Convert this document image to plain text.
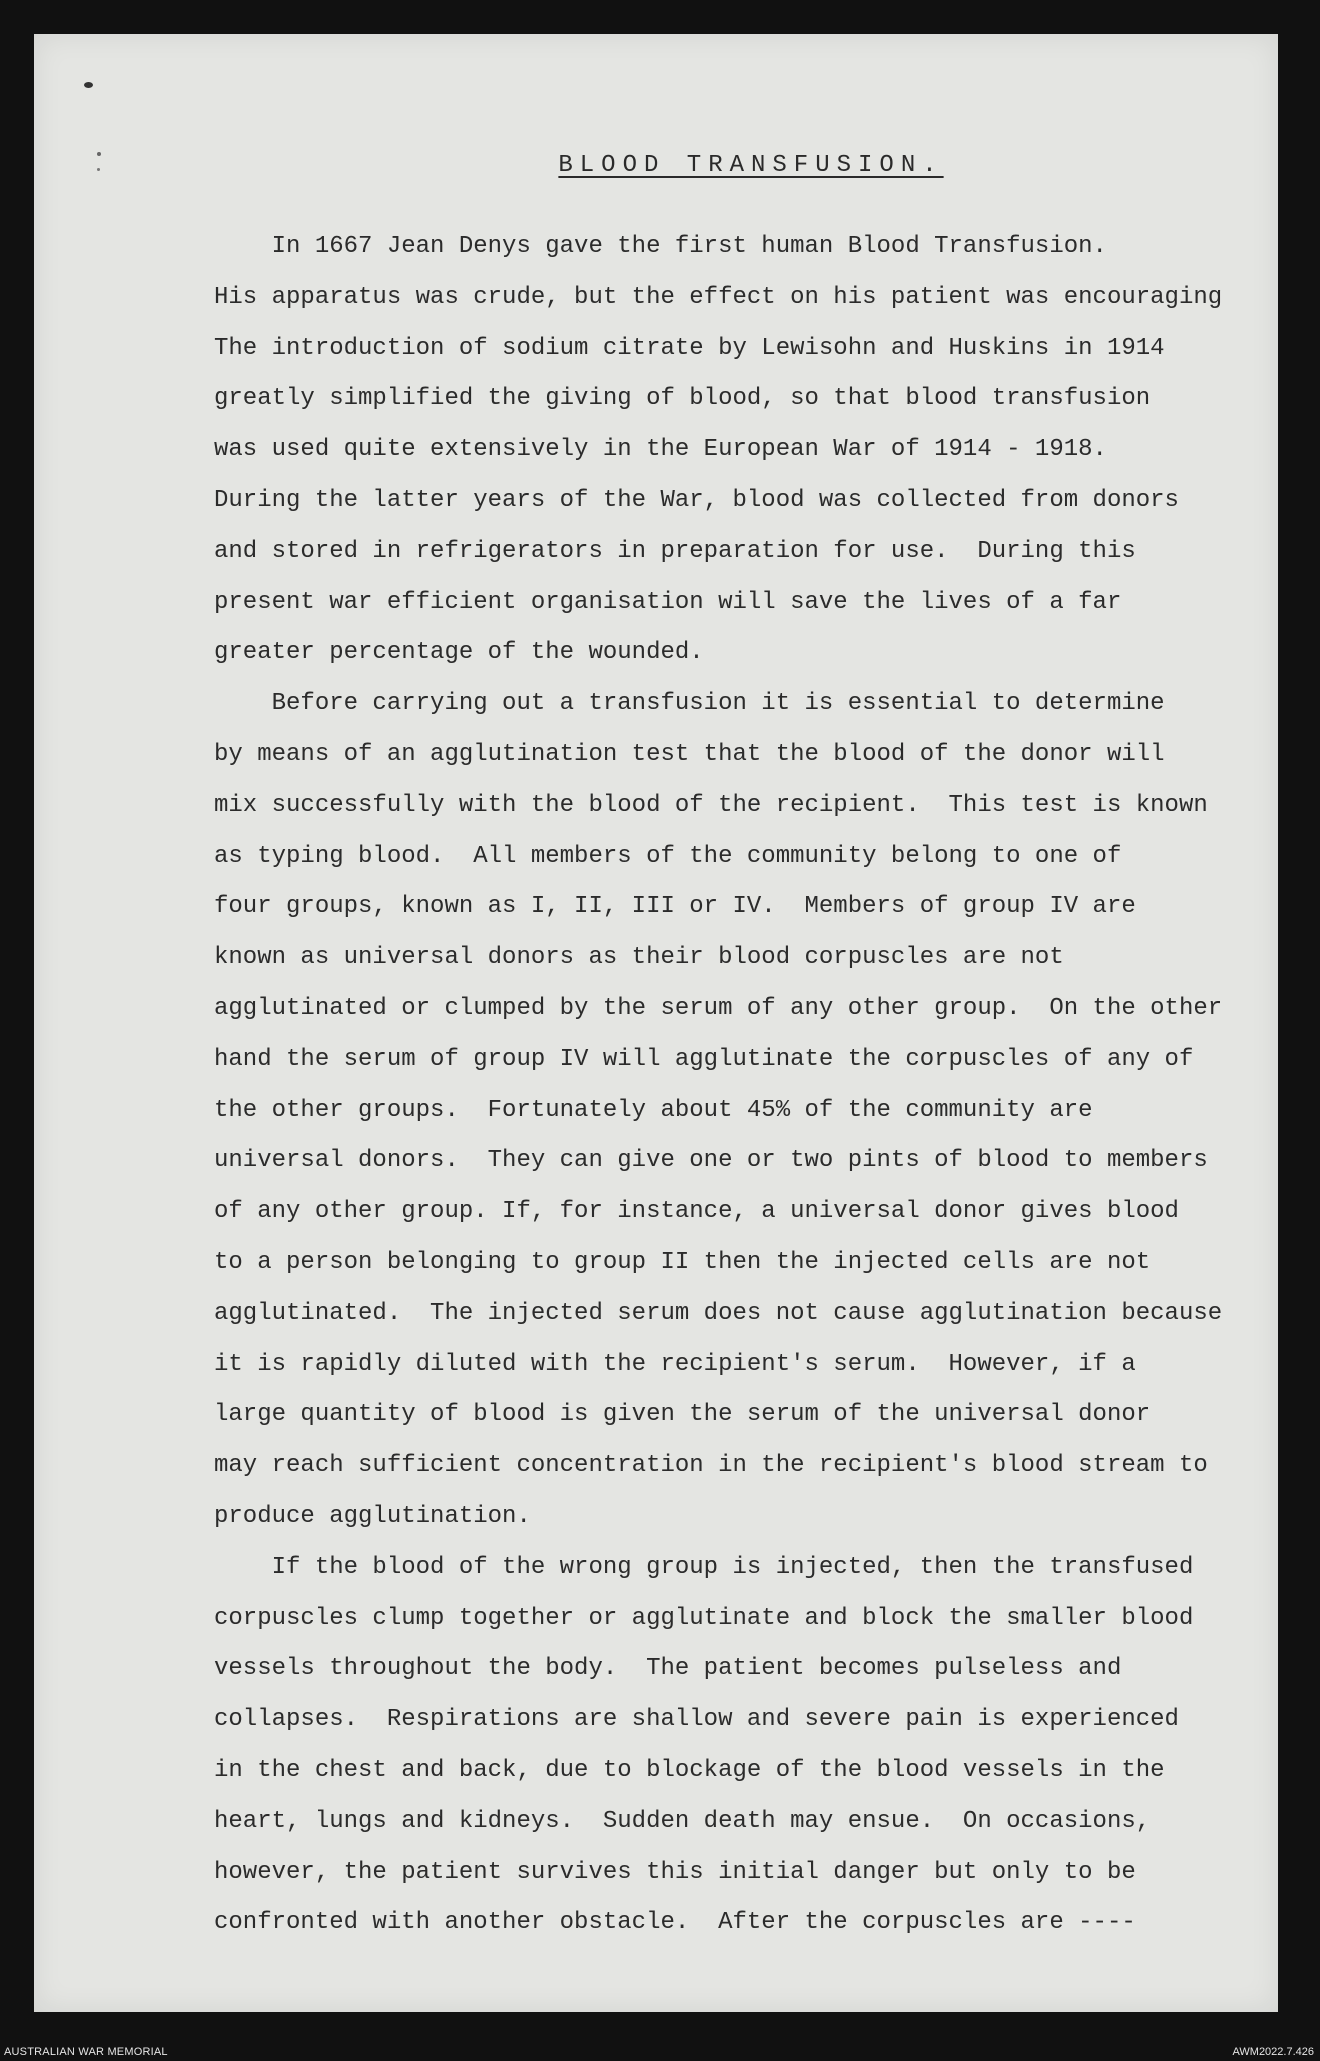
BLOOD TRANSFUSION.
In 1667 Jean Denys gave the first human Blood Transfusion.
His apparatus was crude, but the effect on his patient was encouraging
The introduction of sodium citrate by Lewisohn and Huskins in 1914
greatly simplified the giving of blood, so that blood transfusion
was used quite extensively in the European War of 1914 - 1918.
During the latter years of the War, blood was collected from donors
and stored in refrigerators in preparation for use.  During this
present war efficient organisation will save the lives of a far
greater percentage of the wounded.
Before carrying out a transfusion it is essential to determine
by means of an agglutination test that the blood of the donor will
mix successfully with the blood of the recipient.  This test is known
as typing blood.  All members of the community belong to one of
four groups, known as I, II, III or IV.  Members of group IV are
known as universal donors as their blood corpuscles are not
agglutinated or clumped by the serum of any other group.  On the other
hand the serum of group IV will agglutinate the corpuscles of any of
the other groups.  Fortunately about 45% of the community are
universal donors.  They can give one or two pints of blood to members
of any other group. If, for instance, a universal donor gives blood
to a person belonging to group II then the injected cells are not
agglutinated.  The injected serum does not cause agglutination because
it is rapidly diluted with the recipient's serum.  However, if a
large quantity of blood is given the serum of the universal donor
may reach sufficient concentration in the recipient's blood stream to
produce agglutination.
If the blood of the wrong group is injected, then the transfused
corpuscles clump together or agglutinate and block the smaller blood
vessels throughout the body.  The patient becomes pulseless and
collapses.  Respirations are shallow and severe pain is experienced
in the chest and back, due to blockage of the blood vessels in the
heart, lungs and kidneys.  Sudden death may ensue.  On occasions,
however, the patient survives this initial danger but only to be
confronted with another obstacle.  After the corpuscles are ----
AUSTRALIAN WAR MEMORIAL	AWM2022.7.426
